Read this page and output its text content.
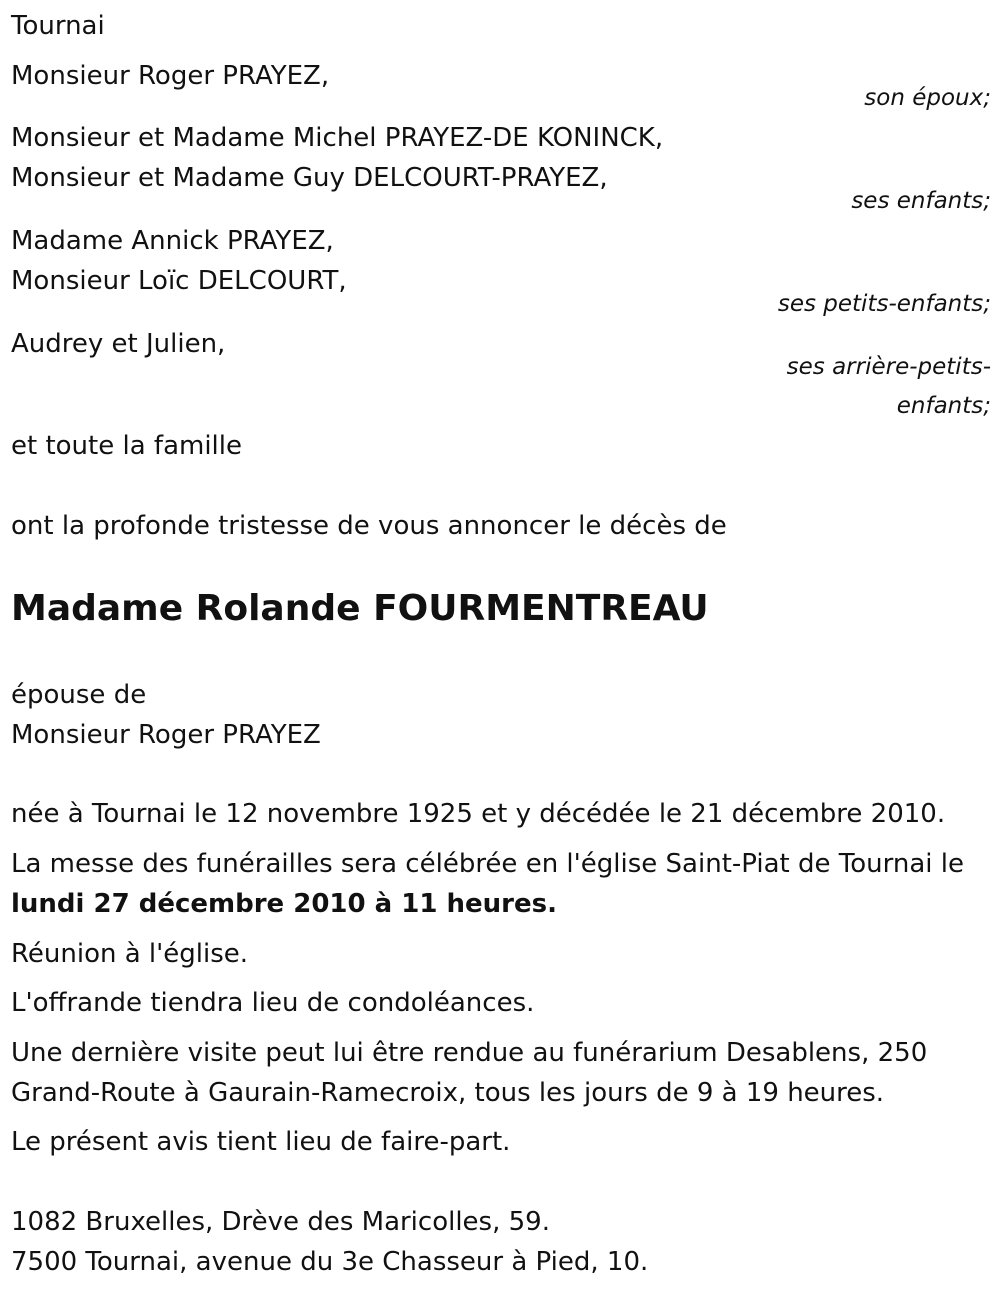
Tournai
Monsieur Roger PRAYEZ,
son époux;
Monsieur et Madame Michel PRAYEZ-DE KONINCK,
Monsieur et Madame Guy DELCOURT-PRAYEZ,
ses enfants;
Madame Annick PRAYEZ,
Monsieur Loïc DELCOURT,
ses petits-enfants;
Audrey et Julien,
ses arrière-petits-
enfants;
et toute la famille
ont la profonde tristesse de vous annoncer le décès de
Madame Rolande FOURMENTREAU
épouse de
Monsieur Roger PRAYEZ
née à Tournai le 12 novembre 1925 et y décédée le 21 décembre 2010.
La messe des funérailles sera célébrée en l'église Saint-Piat de Tournai le
lundi 27 décembre 2010 à 11 heures.
Réunion à l'église.
L'offrande tiendra lieu de condoléances.
Une dernière visite peut lui être rendue au funérarium Desablens, 250
Grand-Route à Gaurain-Ramecroix, tous les jours de 9 à 19 heures.
Le présent avis tient lieu de faire-part.
1082 Bruxelles, Drève des Maricolles, 59.
7500 Tournai, avenue du 3e Chasseur à Pied, 10.
